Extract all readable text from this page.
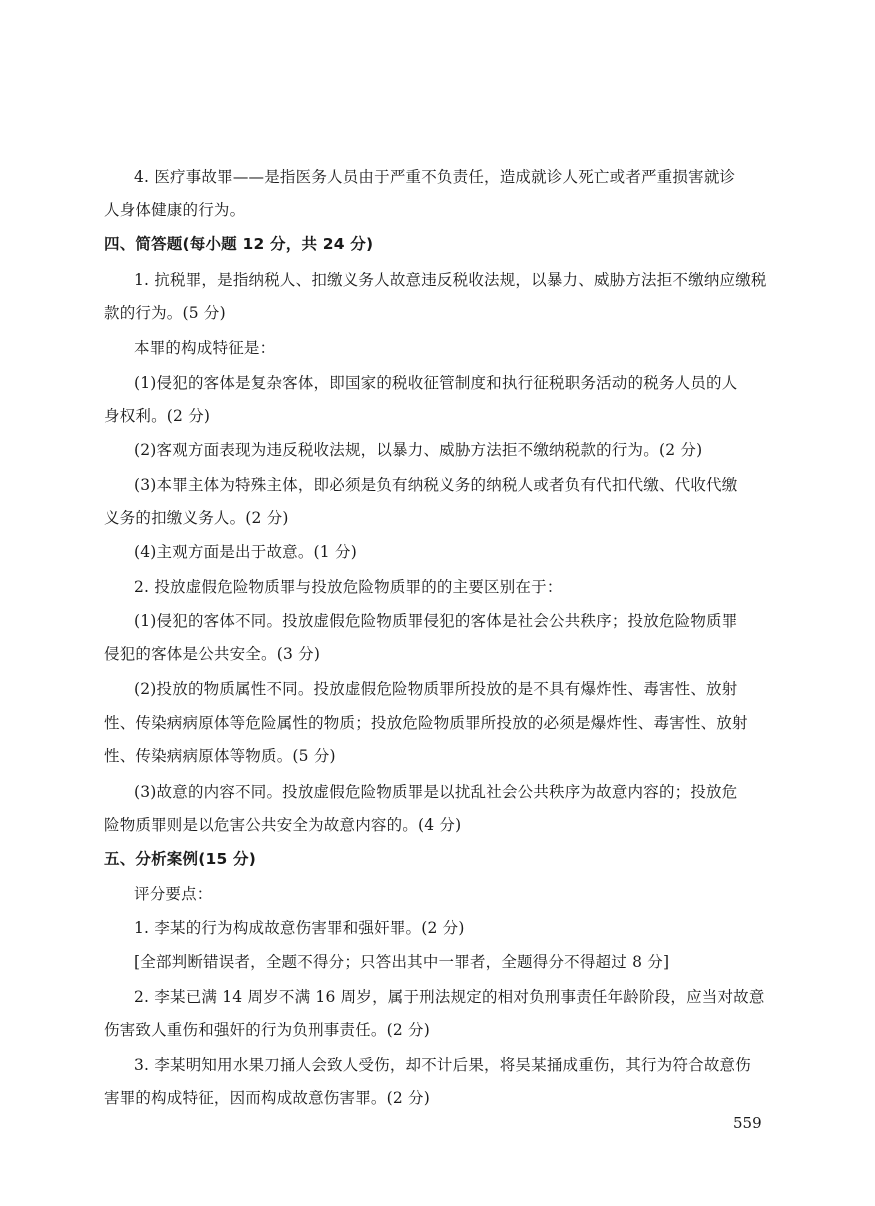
4. 医疗事故罪——是指医务人员由于严重不负责任，造成就诊人死亡或者严重损害就诊
人身体健康的行为。
四、简答题(每小题 12 分，共 24 分)
1. 抗税罪，是指纳税人、扣缴义务人故意违反税收法规，以暴力、威胁方法拒不缴纳应缴税
款的行为。(5 分)
本罪的构成特征是：
(1)侵犯的客体是复杂客体，即国家的税收征管制度和执行征税职务活动的税务人员的人
身权利。(2 分)
(2)客观方面表现为违反税收法规，以暴力、威胁方法拒不缴纳税款的行为。(2 分)
(3)本罪主体为特殊主体，即必须是负有纳税义务的纳税人或者负有代扣代缴、代收代缴
义务的扣缴义务人。(2 分)
(4)主观方面是出于故意。(1 分)
2. 投放虚假危险物质罪与投放危险物质罪的的主要区别在于：
(1)侵犯的客体不同。投放虚假危险物质罪侵犯的客体是社会公共秩序；投放危险物质罪
侵犯的客体是公共安全。(3 分)
(2)投放的物质属性不同。投放虚假危险物质罪所投放的是不具有爆炸性、毒害性、放射
性、传染病病原体等危险属性的物质；投放危险物质罪所投放的必须是爆炸性、毒害性、放射
性、传染病病原体等物质。(5 分)
(3)故意的内容不同。投放虚假危险物质罪是以扰乱社会公共秩序为故意内容的；投放危
险物质罪则是以危害公共安全为故意内容的。(4 分)
五、分析案例(15 分)
评分要点：
1. 李某的行为构成故意伤害罪和强奸罪。(2 分)
[全部判断错误者，全题不得分；只答出其中一罪者，全题得分不得超过 8 分]
2. 李某已满 14 周岁不满 16 周岁，属于刑法规定的相对负刑事责任年龄阶段，应当对故意
伤害致人重伤和强奸的行为负刑事责任。(2 分)
3. 李某明知用水果刀捅人会致人受伤，却不计后果，将吴某捅成重伤，其行为符合故意伤
害罪的构成特征，因而构成故意伤害罪。(2 分)
559
